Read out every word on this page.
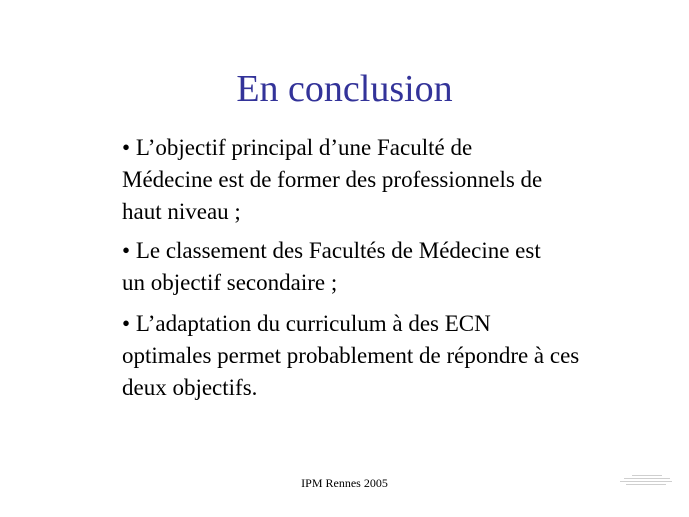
En conclusion
• L’objectif principal d’une Faculté de
Médecine est de former des professionnels de
haut niveau ;
• Le classement des Facultés de Médecine est
un objectif secondaire ;
• L’adaptation du curriculum à des ECN
optimales permet probablement de répondre à ces
deux objectifs.
IPM Rennes 2005
